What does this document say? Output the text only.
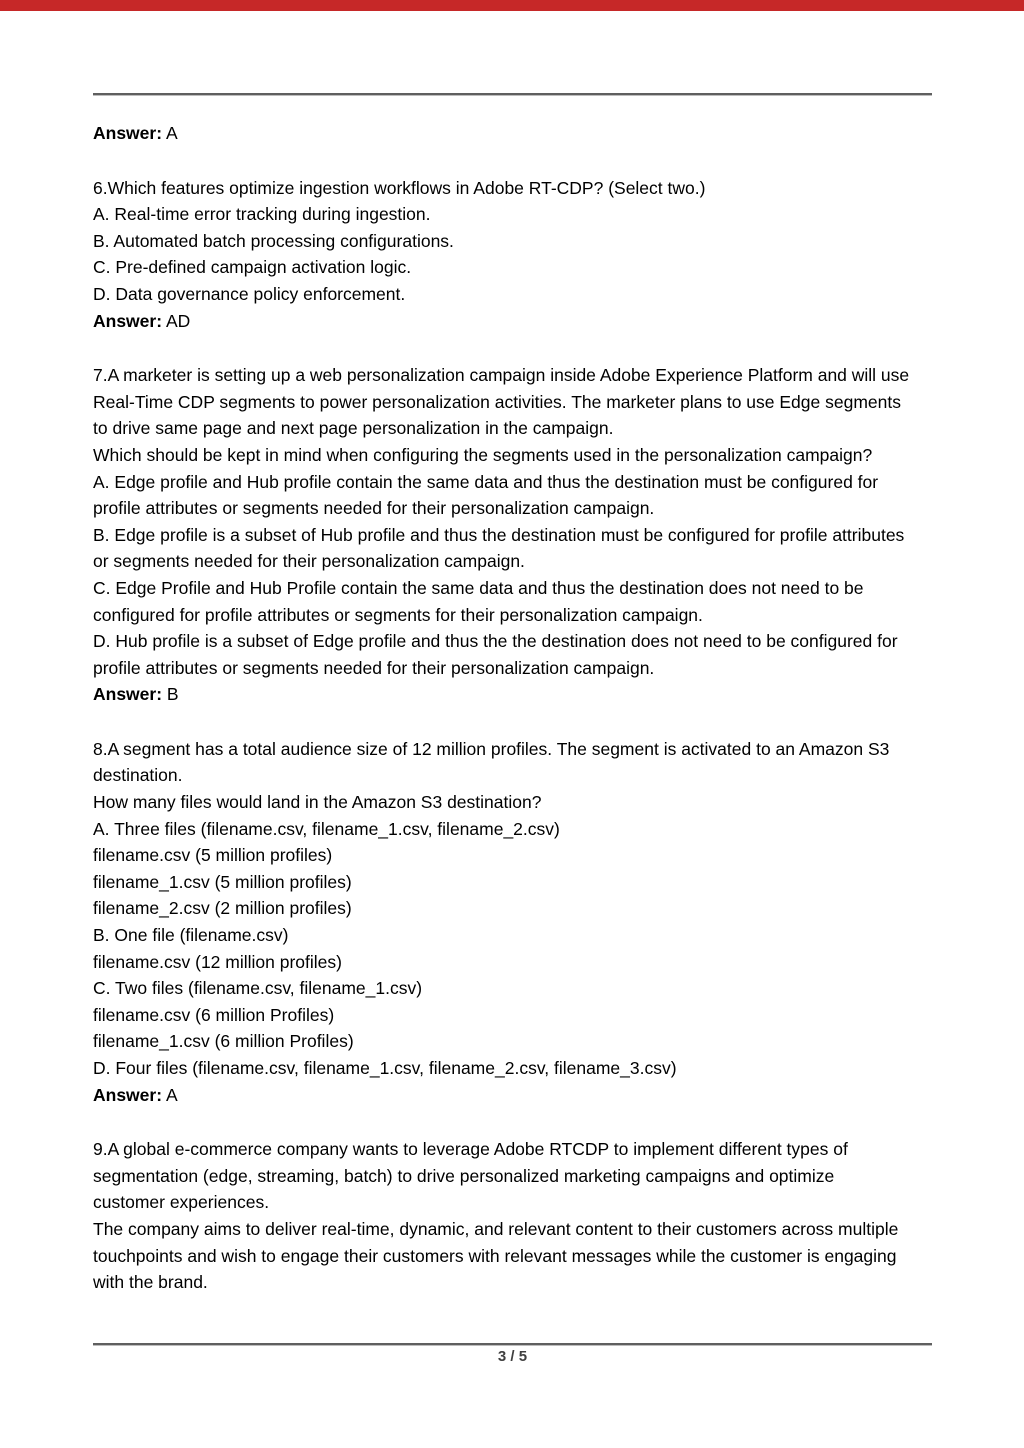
Answer: A
6.Which features optimize ingestion workflows in Adobe RT-CDP? (Select two.)
A. Real-time error tracking during ingestion.
B. Automated batch processing configurations.
C. Pre-defined campaign activation logic.
D. Data governance policy enforcement.
Answer: AD
7.A marketer is setting up a web personalization campaign inside Adobe Experience Platform and will use
Real-Time CDP segments to power personalization activities. The marketer plans to use Edge segments
to drive same page and next page personalization in the campaign.
Which should be kept in mind when configuring the segments used in the personalization campaign?
A. Edge profile and Hub profile contain the same data and thus the destination must be configured for
profile attributes or segments needed for their personalization campaign.
B. Edge profile is a subset of Hub profile and thus the destination must be configured for profile attributes
or segments needed for their personalization campaign.
C. Edge Profile and Hub Profile contain the same data and thus the destination does not need to be
configured for profile attributes or segments for their personalization campaign.
D. Hub profile is a subset of Edge profile and thus the the destination does not need to be configured for
profile attributes or segments needed for their personalization campaign.
Answer: B
8.A segment has a total audience size of 12 million profiles. The segment is activated to an Amazon S3
destination.
How many files would land in the Amazon S3 destination?
A. Three files (filename.csv, filename_1.csv, filename_2.csv)
filename.csv (5 million profiles)
filename_1.csv (5 million profiles)
filename_2.csv (2 million profiles)
B. One file (filename.csv)
filename.csv (12 million profiles)
C. Two files (filename.csv, filename_1.csv)
filename.csv (6 million Profiles)
filename_1.csv (6 million Profiles)
D. Four files (filename.csv, filename_1.csv, filename_2.csv, filename_3.csv)
Answer: A
9.A global e-commerce company wants to leverage Adobe RTCDP to implement different types of
segmentation (edge, streaming, batch) to drive personalized marketing campaigns and optimize
customer experiences.
The company aims to deliver real-time, dynamic, and relevant content to their customers across multiple
touchpoints and wish to engage their customers with relevant messages while the customer is engaging
with the brand.
3 / 5
